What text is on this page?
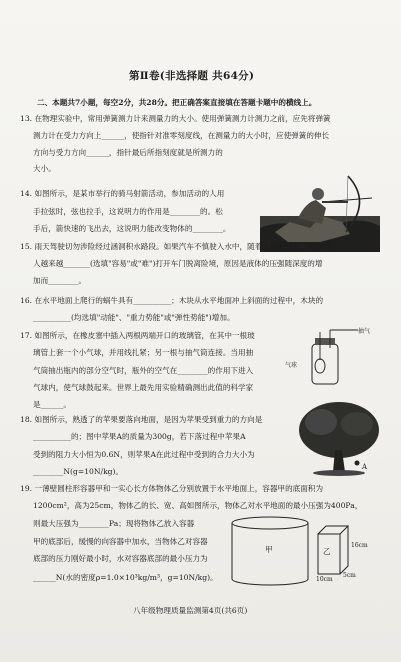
第Ⅱ卷(非选择题 共64分)
二、本题共7小题，每空2分，共28分。把正确答案直接填在答题卡题中的横线上。
13. 在物理实验中，常用弹簧测力计来测量力的大小。使用弹簧测力计测力之前，应先将弹簧
测力计在受力方向上______，使指针对准零刻度线，在测量力的大小时，应使弹簧的伸长
方向与受力方向______，指针最后所指刻度就是所测力的
大小。
14. 如图所示，是某市举行的骑马射箭活动，参加活动的人用
手拉弦时，弦也拉手，这说明力的作用是________的。松
手后，箭快速的飞出去，这说明力能改变物体的________。
15. 雨天驾驶切勿涉险经过涵洞积水路段。如果汽车不慎驶入水中，随着水位的升高，车内的
人越来越_______(选填"容易"或"难")打开车门脱离险境，原因是液体的压强随深度的增
加而________。
16. 在水平地面上爬行的蜗牛具有__________；木块从水平地面冲上斜面的过程中，木块的
__________(均选填"动能"、"重力势能"或"弹性势能")增加。
17. 如图所示，在橡皮塞中插入两根两端开口的玻璃管，在其中一根玻
璃管上套一个小气球，并用线扎紧；另一根与抽气筒连接。当用抽
气筒抽出瓶内的部分空气时，瓶外的空气在________的作用下进入
气球内，使气球鼓起来。世界上最先用实验精确测出此值的科学家
是______。
抽气
气球
18. 如图所示，熟透了的苹果要落向地面，是因为苹果受到重力的方向是
__________的；图中苹果A的质量为300g，若下落过程中苹果A
受到的阻力大小恒为0.6N，则苹果A在此过程中受到的合力大小为
________N(g=10N/kg)。	A
19. 一薄壁圆柱形容器甲和一实心长方体物体乙分别放置于水平地面上，容器甲的底面积为
1200cm²，高为25cm，物体乙的长、宽、高如图所示，物体乙对水平地面的最小压强为400Pa，
则最大压强为________Pa；现将物体乙放入容器
甲的底部后，缓慢的向容器中加水，当物体乙对容器
底部的压力刚好最小时，水对容器底部的最小压力为
______N(水的密度ρ=1.0×10³kg/m³，g=10N/kg)。
甲	乙
16cm
10cm
5cm
八年级物理质量监测第4页(共6页)
